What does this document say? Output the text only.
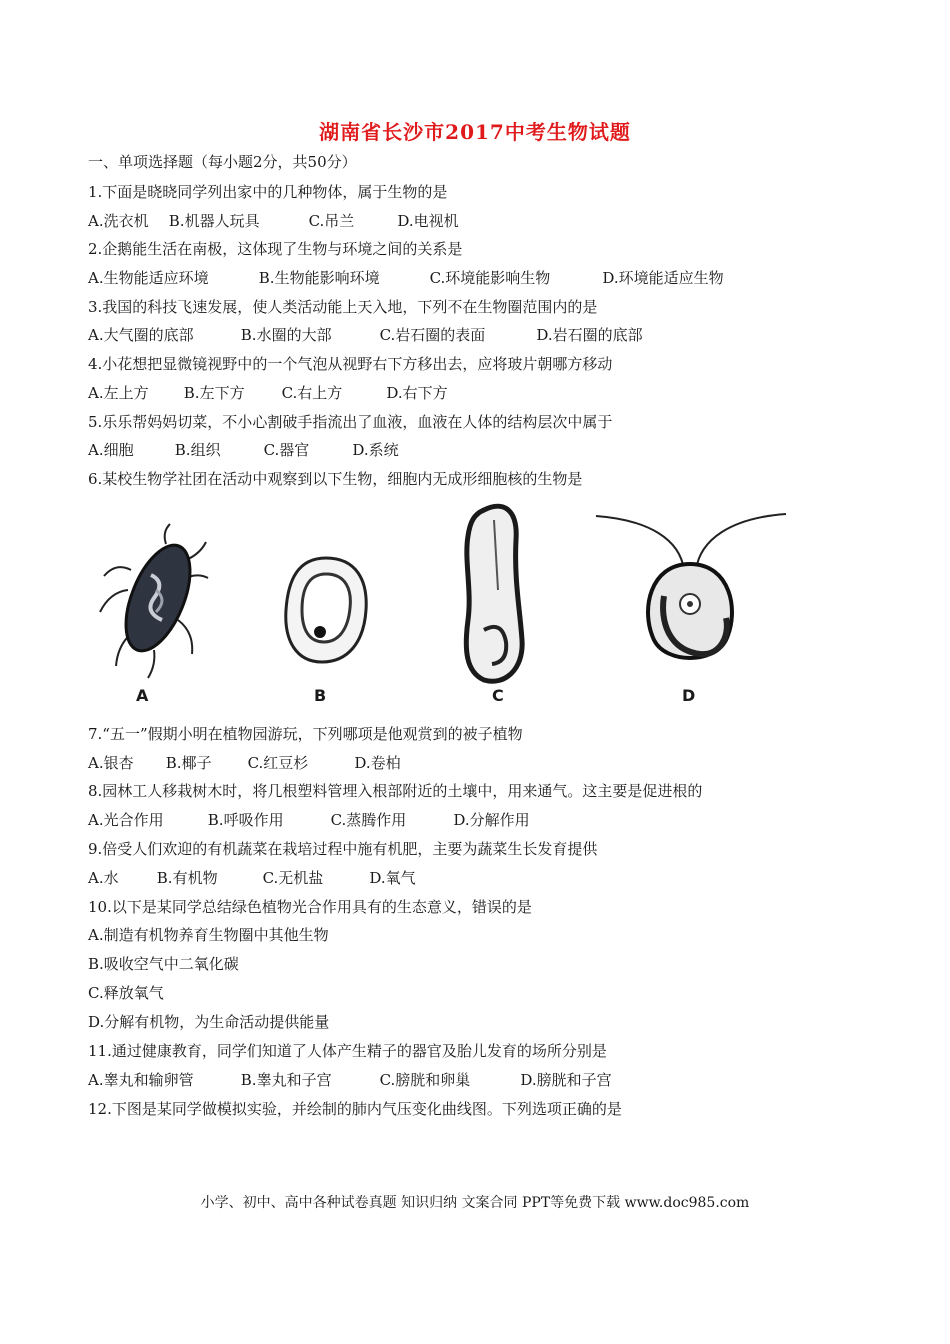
湖南省长沙市2017中考生物试题
一、单项选择题（每小题2分，共50分）
1.下面是晓晓同学列出家中的几种物体，属于生物的是
A.洗衣机 B.机器人玩具	C.吊兰	D.电视机
2.企鹅能生活在南极，这体现了生物与环境之间的关系是
A.生物能适应环境	B.生物能影响环境	C.环境能影响生物	D.环境能适应生物
3.我国的科技飞速发展，使人类活动能上天入地，下列不在生物圈范围内的是
A.大气圈的底部	B.水圈的大部	C.岩石圈的表面	D.岩石圈的底部
4.小花想把显微镜视野中的一个气泡从视野右下方移出去，应将玻片朝哪方移动
A.左上方 B.左下方 C.右上方	D.右下方
5.乐乐帮妈妈切菜，不小心割破手指流出了血液，血液在人体的结构层次中属于
A.细胞	B.组织	C.器官	D.系统
6.某校生物学社团在活动中观察到以下生物，细胞内无成形细胞核的生物是
A	B	C	D
7.“五一”假期小明在植物园游玩，下列哪项是他观赏到的被子植物
A.银杏 B.椰子 C.红豆杉	D.卷柏
8.园林工人移栽树木时，将几根塑料管埋入根部附近的土壤中，用来通气。这主要是促进根的
A.光合作用	B.呼吸作用	C.蒸腾作用	D.分解作用
9.倍受人们欢迎的有机蔬菜在栽培过程中施有机肥，主要为蔬菜生长发育提供
A.水	B.有机物	C.无机盐	D.氧气
10.以下是某同学总结绿色植物光合作用具有的生态意义，错误的是
A.制造有机物养育生物圈中其他生物
B.吸收空气中二氧化碳
C.释放氧气
D.分解有机物，为生命活动提供能量
11.通过健康教育，同学们知道了人体产生精子的器官及胎儿发育的场所分别是
A.睾丸和输卵管	B.睾丸和子宫	C.膀胱和卵巢	D.膀胱和子宫
12.下图是某同学做模拟实验，并绘制的肺内气压变化曲线图。下列选项正确的是
小学、初中、高中各种试卷真题 知识归纳 文案合同 PPT等免费下载 www.doc985.com
